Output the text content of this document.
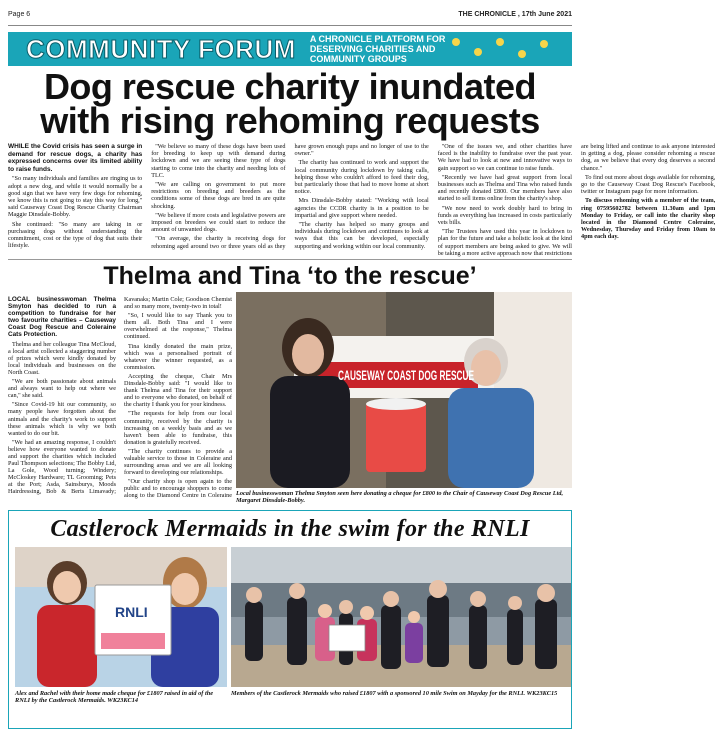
Page 6	THE CHRONICLE , 17th June 2021
COMMUNITY FORUM A CHRONICLE PLATFORM FOR DESERVING CHARITIES AND COMMUNITY GROUPS
Dog rescue charity inundated with rising rehoming requests

WHILE the Covid crisis has seen a surge in demand for rescue dogs, a charity has expressed concerns over its limited ability to raise funds.

"So many individuals and families are ringing us to adopt a new dog, and while it would normally be a good sign that we have very few dogs for rehoming, we know this is not going to stay this way for long," said Causeway Coast Dog Rescue Charity Chairman Maggie Dinsdale-Bobby.

She continued: "So many are taking in or purchasing dogs without understanding the commitment, cost or the type of dog that suits their lifestyle.

"We believe so many of these dogs have been used for breeding to keep up with demand during lockdown and we are seeing these type of dogs starting to come into the charity and needing lots of TLC.

"We are calling on government to put more restrictions on breeding and breeders as the conditions some of these dogs are bred in are quite shocking.

"We believe if more costs and legislative powers are imposed on breeders we could start to reduce the amount of unwanted dogs.

"On average, the charity is receiving dogs for rehoming aged around two or three years old as they have grown enough pups and no longer of use to the owner."

The charity has continued to work and support the local community during lockdown by taking calls, helping those who couldn't afford to feed their dog, but particularly those that had to move home at short notice.

Mrs Dinsdale-Bobby stated: "Working with local agencies the CCDR charity is in a position to be impartial and give support where needed.

"The charity has helped so many groups and individuals during lockdown and continues to look at ways that this can be developed, especially supporting and working within our local community.

"One of the issues we, and other charities have faced is the inability to fundraise over the past year. We have had to look at new and innovative ways to gain support so we can continue to raise funds.

"Recently we have had great support from local businesses such as Thelma and Tina who raised funds and recently donated £800. Our members have also started to sell items online from the charity's shop.

"We now need to work doubly hard to bring in funds as everything has increased in costs particularly vets bills.

"The Trustees have used this year in lockdown to plan for the future and take a holistic look at the kind of support members are being asked to give. We will be taking a more active approach now that restrictions are being lifted and continue to ask anyone interested in getting a dog, please consider rehoming a rescue dog, as we believe that every dog deserves a second chance."

To find out more about dogs available for rehoming, go to the Causeway Coast Dog Rescue's Facebook, twitter or Instagram page for more information.

To discuss rehoming with a member of the team, ring 07595602782 between 11.30am and 1pm Monday to Friday, or call into the charity shop located in the Diamond Centre Coleraine, Wednesday, Thursday and Friday from 10am to 4pm each day.

Thelma and Tina ‘to the rescue’

LOCAL businesswoman Thelma Smyton has decided to run a competition to fundraise for her two favourite charities – Causeway Coast Dog Rescue and Coleraine Cats Protection.

Thelma and her colleague Tina McCloud, a local artist collected a staggering number of prizes which were kindly donated by local individuals and businesses on the North Coast.

"We are both passionate about animals and always want to help out where we can," she said.

"Since Covid-19 hit our community, so many people have forgotten about the animals and the charity's work to support these animals which is why we both wanted to do our bit.

"We had an amazing response, I couldn't believe how everyone wanted to donate and support the charities which included Paul Thompson selections; The Bobby Ltd, La Gole, Wood turning; Windery; McCloskey Hardware; TL Grooming; Pets at the Port; Asda, Sainsburys, Moods Hairdressing, Bob & Berts Limavady; Kavanaks; Martin Cole; Goodison Chemist and so many more, twenty-two in total!

"So, I would like to say Thank you to them all. Both Tina and I were overwhelmed at the response," Thelma continued.

Tina kindly donated the main prize, which was a personalised portrait of whatever the winner requested, as a commission.

Accepting the cheque, Chair Mrs Dinsdale-Bobby said: "I would like to thank Thelma and Tina for their support and to everyone who donated, on behalf of the charity I thank you for your kindness.

"The requests for help from our local community, received by the charity is increasing on a weekly basis and as we haven't been able to fundraise, this donation is gratefully received.

"The charity continues to provide a valuable service to those in Coleraine and surrounding areas and we are all looking forward to developing our relationships.

"Our charity shop is open again to the public and to encourage shoppers to come along to the Diamond Centre in Coleraine

CAUSEWAY COAST DOG RESCUE
Local businesswoman Thelma Smyton seen here donating a cheque for £800 to the Chair of Causeway Coast Dog Rescue Ltd, Margaret Dinsdale-Bobby.
Castlerock Mermaids in the swim for the RNLI
RNLI
Alex and Rachel with their home made cheque for £1807 raised in aid of the RNLI by the Castlerock Mermaids. WK23KC14
Members of the Castlerock Mermaids who raised £1807 with a sponsored 10 mile Swim on Mayday for the RNLI. WK23KC15
